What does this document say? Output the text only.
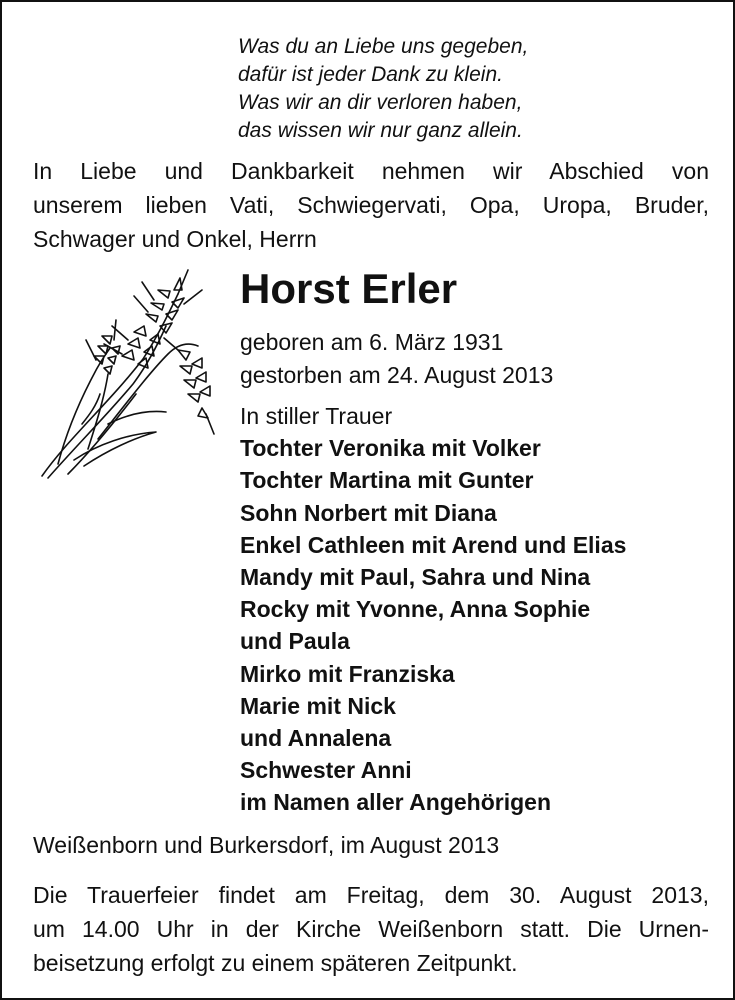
Was du an Liebe uns gegeben,
dafür ist jeder Dank zu klein.
Was wir an dir verloren haben,
das wissen wir nur ganz allein.
In Liebe und Dankbarkeit nehmen wir Abschied von
unserem lieben Vati, Schwiegervati, Opa, Uropa, Bruder,
Schwager und Onkel, Herrn
Horst Erler
geboren am 6. März 1931
gestorben am 24. August 2013
In stiller Trauer
Tochter Veronika mit Volker
Tochter Martina mit Gunter
Sohn Norbert mit Diana
Enkel Cathleen mit Arend und Elias
Mandy mit Paul, Sahra und Nina
Rocky mit Yvonne, Anna Sophie
und Paula
Mirko mit Franziska
Marie mit Nick
und Annalena
Schwester Anni
im Namen aller Angehörigen
Weißenborn und Burkersdorf, im August 2013
Die Trauerfeier findet am Freitag, dem 30. August 2013,
um 14.00 Uhr in der Kirche Weißenborn statt. Die Urnen-
beisetzung erfolgt zu einem späteren Zeitpunkt.
